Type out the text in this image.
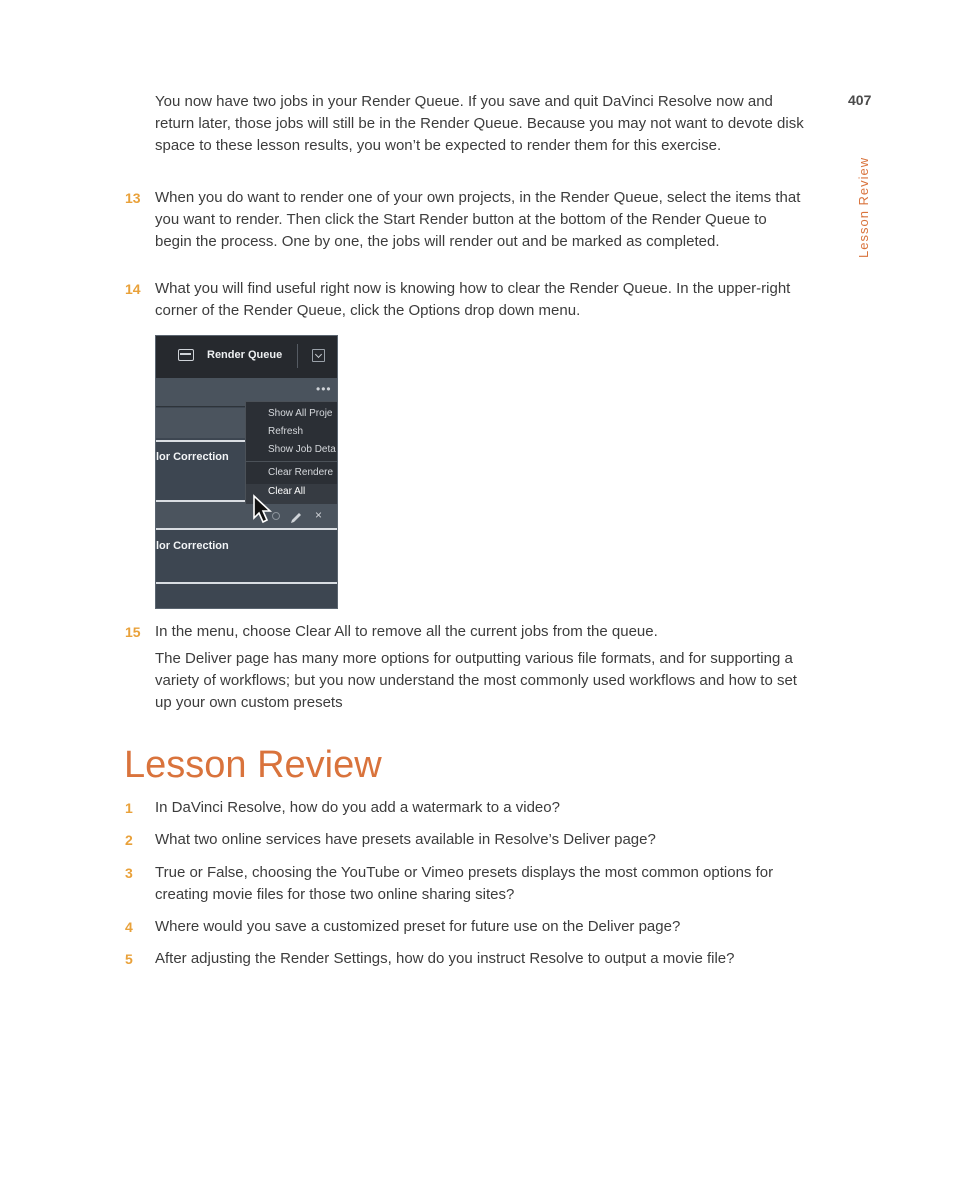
407
Lesson Review

You now have two jobs in your Render Queue. If you save and quit DaVinci Resolve now and return later, those jobs will still be in the Render Queue. Because you may not want to devote disk space to these lesson results, you won’t be expected to render them for this exercise.

13 When you do want to render one of your own projects, in the Render Queue, select the items that you want to render. Then click the Start Render button at the bottom of the Render Queue to begin the process. One by one, the jobs will render out and be marked as completed.

14 What you will find useful right now is knowing how to clear the Render Queue. In the upper-right corner of the Render Queue, click the Options drop down menu.

Render Queue
•••
lor Correction
×
lor Correction
Show All Proje
Refresh
Show Job Deta
Clear Rendere
Clear All
15 In the menu, choose Clear All to remove all the current jobs from the queue.

The Deliver page has many more options for outputting various file formats, and for supporting a variety of workflows; but you now understand the most commonly used workflows and how to set up your own custom presets

Lesson Review
1 In DaVinci Resolve, how do you add a watermark to a video?

2 What two online services have presets available in Resolve’s Deliver page?

3 True or False, choosing the YouTube or Vimeo presets displays the most common options for creating movie files for those two online sharing sites?

4 Where would you save a customized preset for future use on the Deliver page?

5 After adjusting the Render Settings, how do you instruct Resolve to output a movie file?
